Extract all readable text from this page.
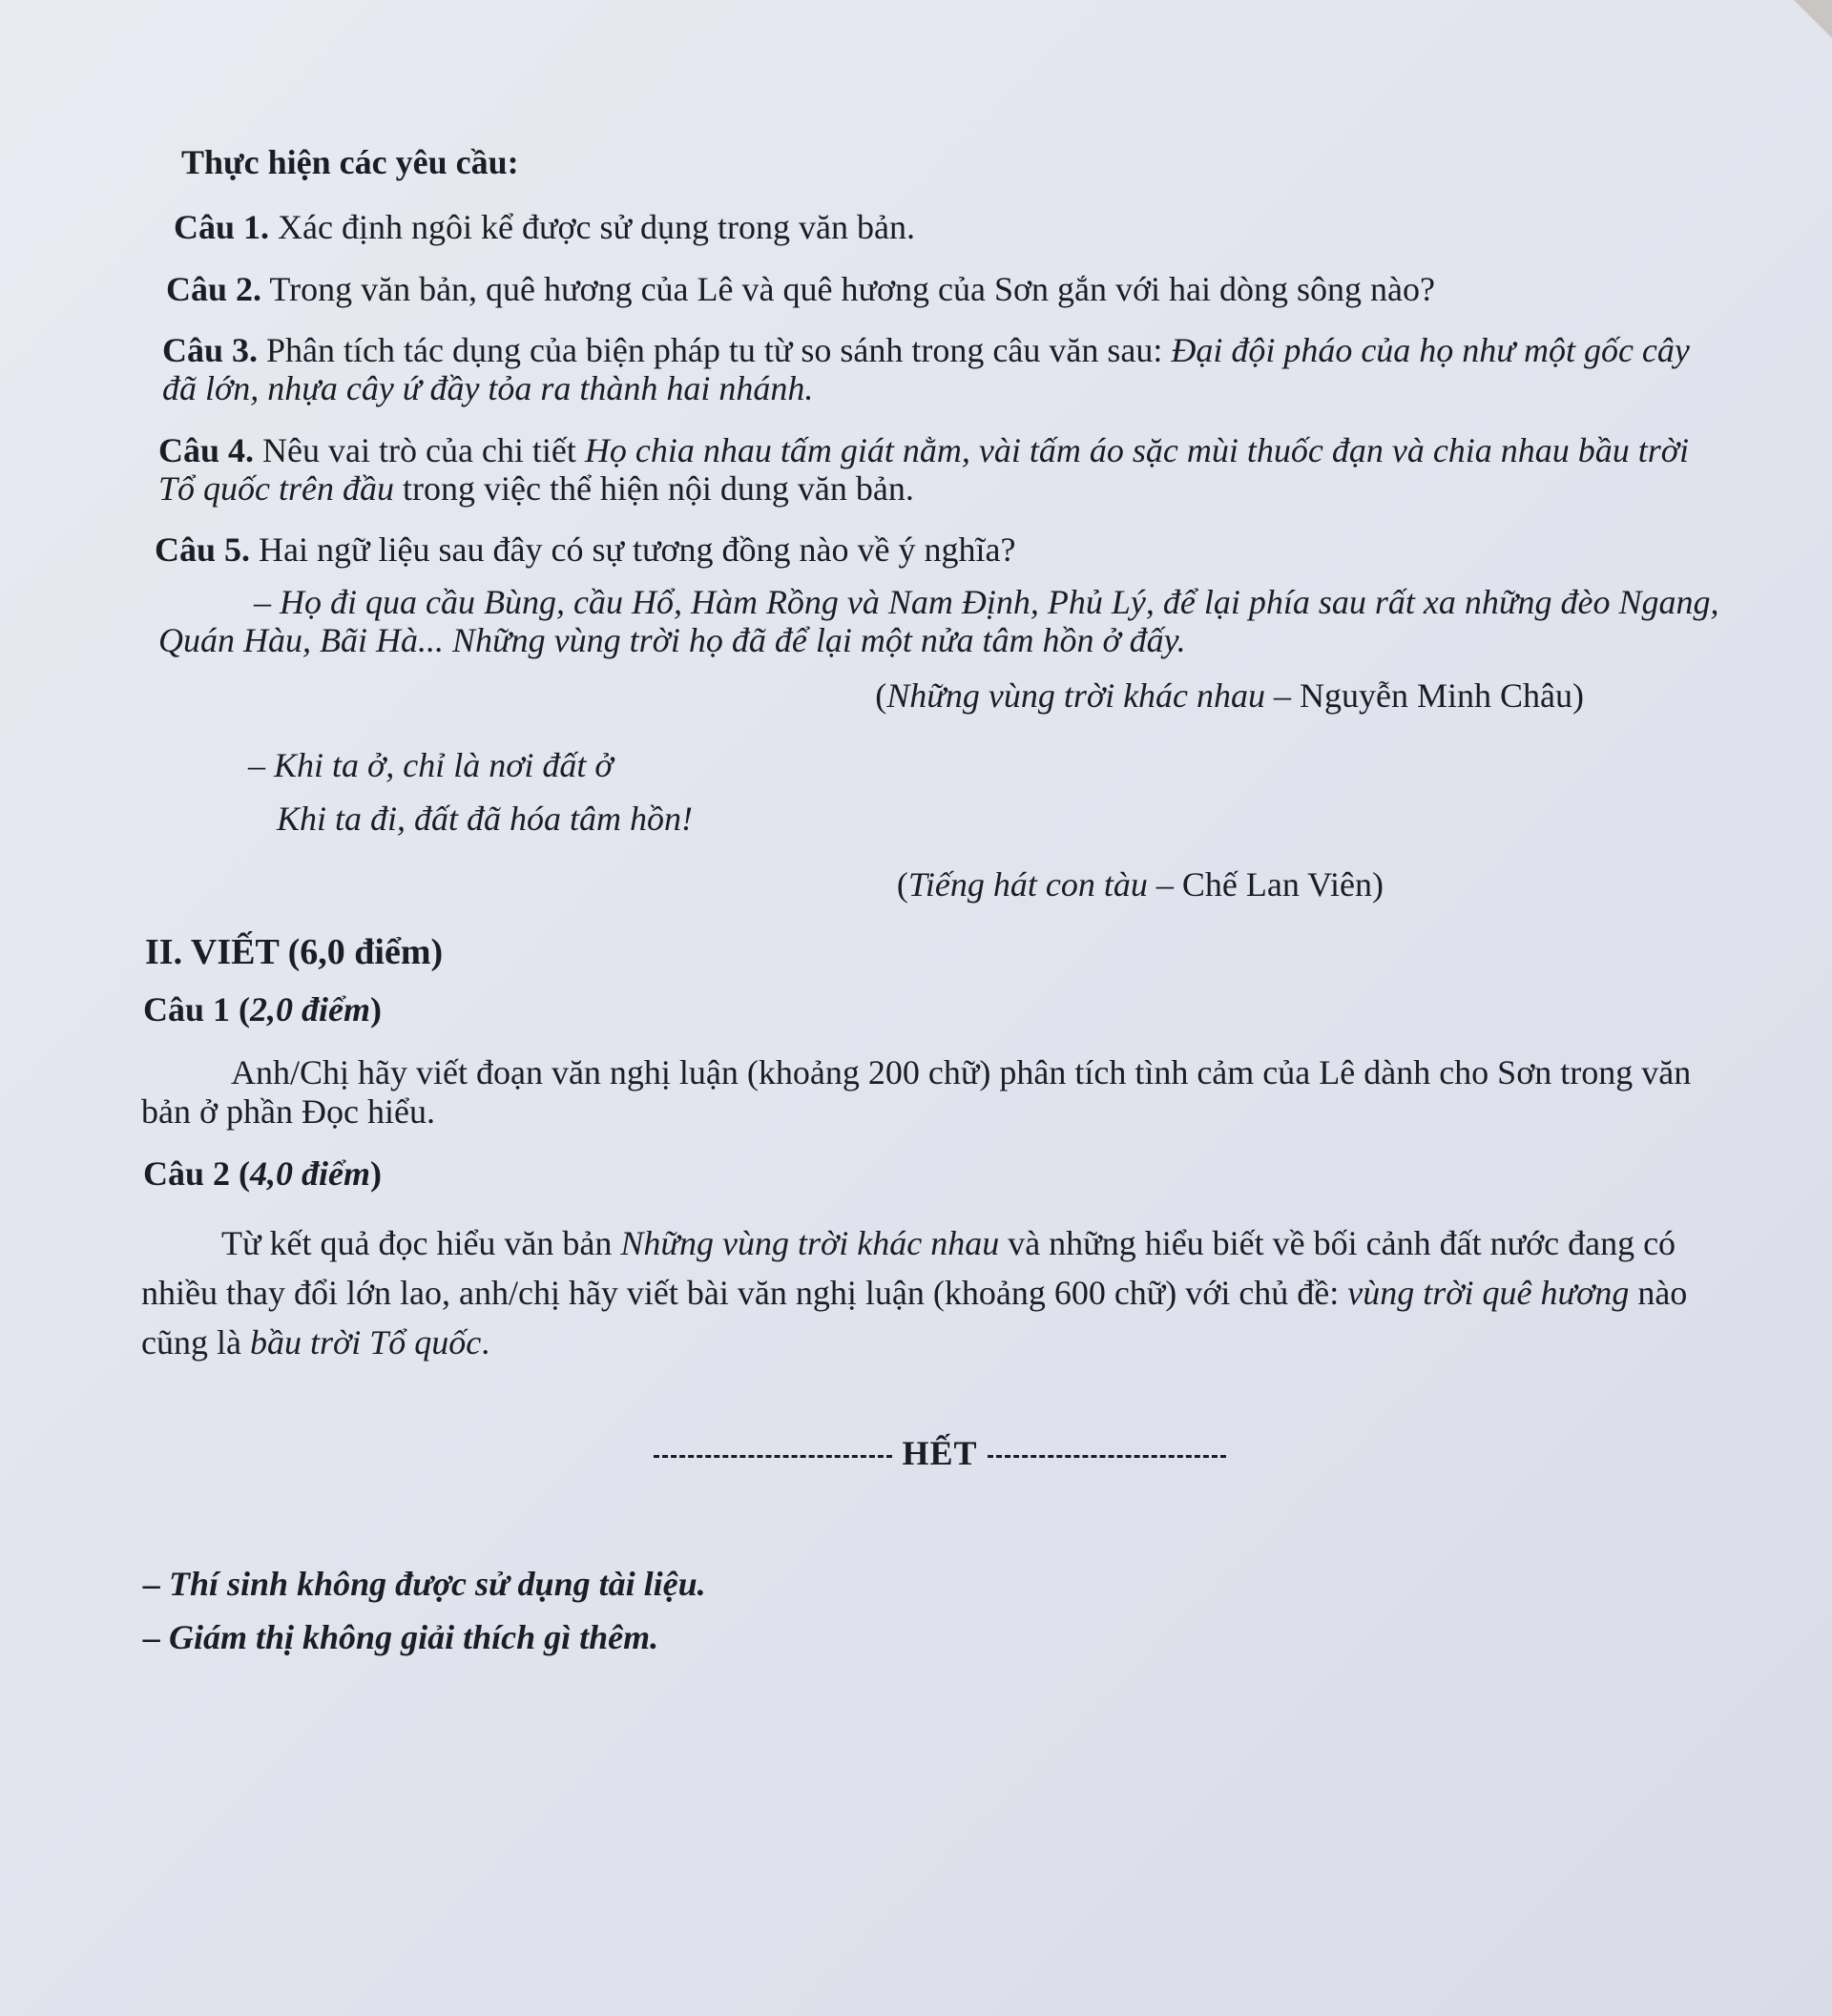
Thực hiện các yêu cầu:

Câu 1. Xác định ngôi kể được sử dụng trong văn bản.

Câu 2. Trong văn bản, quê hương của Lê và quê hương của Sơn gắn với hai dòng sông nào?

Câu 3. Phân tích tác dụng của biện pháp tu từ so sánh trong câu văn sau: Đại đội pháo của họ như một gốc cây đã lớn, nhựa cây ứ đầy tỏa ra thành hai nhánh.

Câu 4. Nêu vai trò của chi tiết Họ chia nhau tấm giát nằm, vài tấm áo sặc mùi thuốc đạn và chia nhau bầu trời Tổ quốc trên đầu trong việc thể hiện nội dung văn bản.

Câu 5. Hai ngữ liệu sau đây có sự tương đồng nào về ý nghĩa?

– Họ đi qua cầu Bùng, cầu Hổ, Hàm Rồng và Nam Định, Phủ Lý, để lại phía sau rất xa những đèo Ngang, Quán Hàu, Bãi Hà... Những vùng trời họ đã để lại một nửa tâm hồn ở đấy.

(Những vùng trời khác nhau – Nguyễn Minh Châu)

– Khi ta ở, chỉ là nơi đất ở
Khi ta đi, đất đã hóa tâm hồn!

(Tiếng hát con tàu – Chế Lan Viên)

II. VIẾT (6,0 điểm)

Câu 1 (2,0 điểm)

Anh/Chị hãy viết đoạn văn nghị luận (khoảng 200 chữ) phân tích tình cảm của Lê dành cho Sơn trong văn bản ở phần Đọc hiểu.

Câu 2 (4,0 điểm)

Từ kết quả đọc hiểu văn bản Những vùng trời khác nhau và những hiểu biết về bối cảnh đất nước đang có nhiều thay đổi lớn lao, anh/chị hãy viết bài văn nghị luận (khoảng 600 chữ) với chủ đề: vùng trời quê hương nào cũng là bầu trời Tổ quốc.

HẾT

– Thí sinh không được sử dụng tài liệu.
– Giám thị không giải thích gì thêm.
